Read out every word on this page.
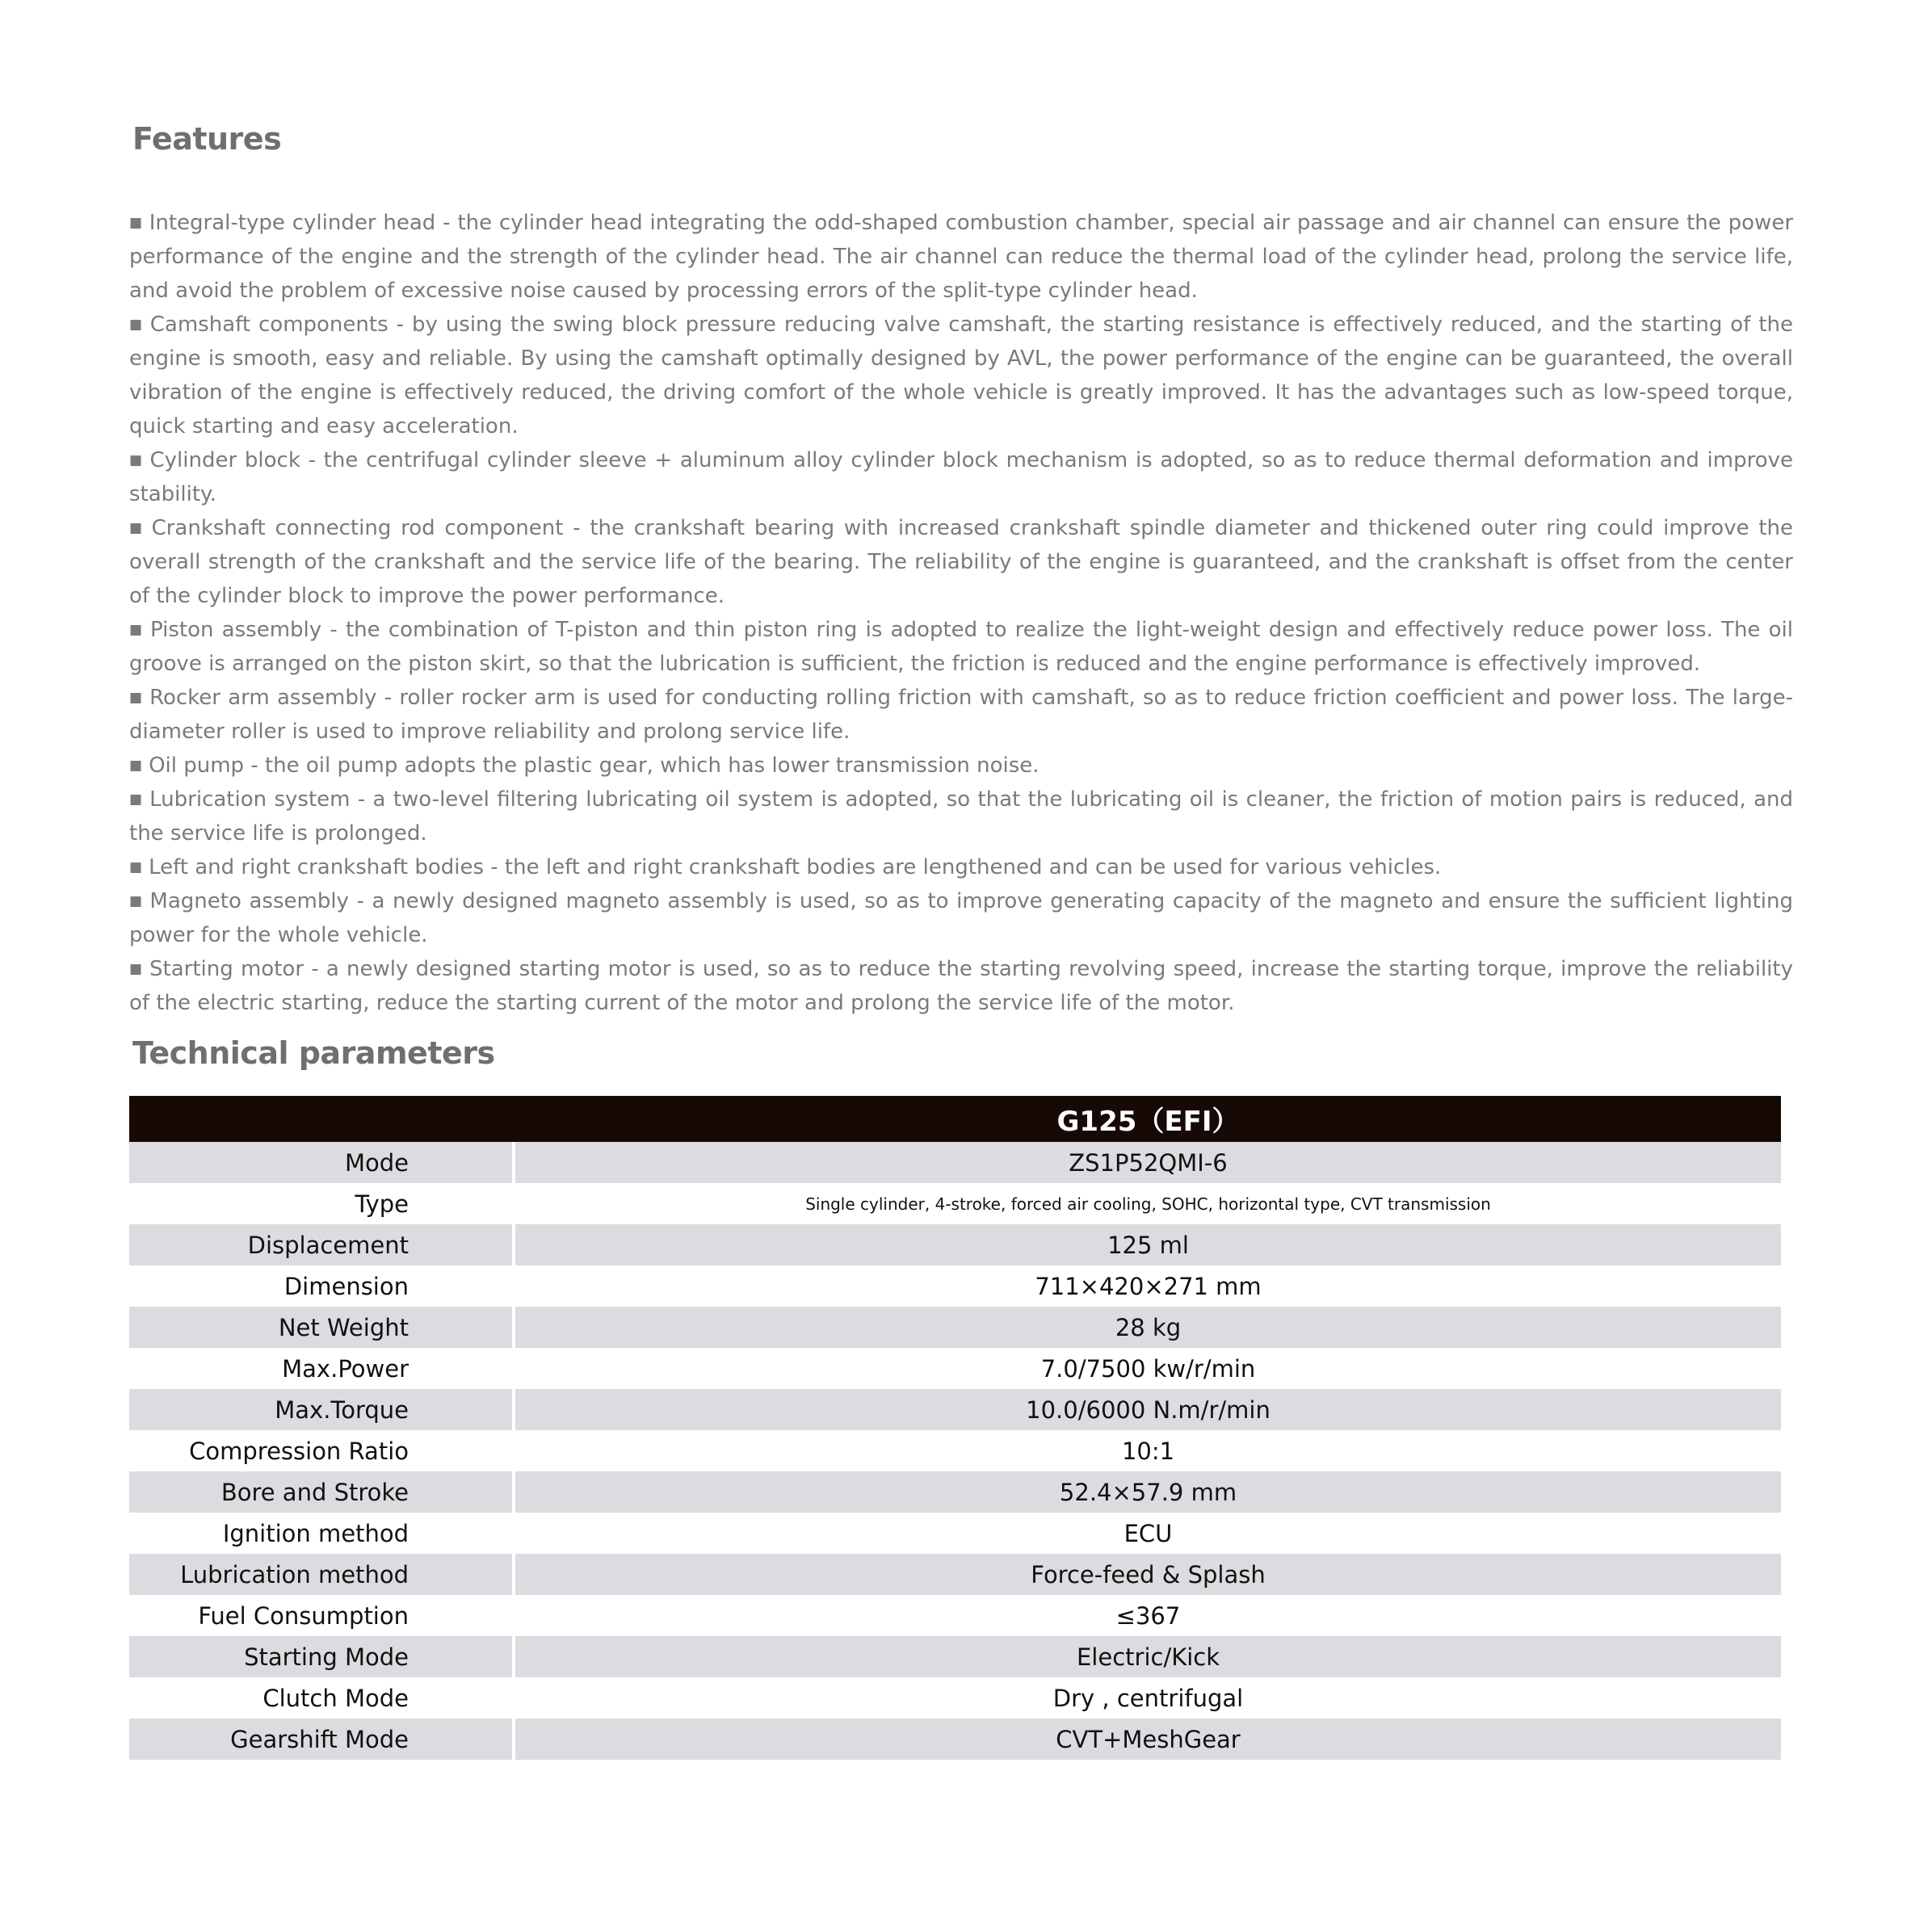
Features

■ Integral-type cylinder head - the cylinder head integrating the odd-shaped combustion chamber, special air passage and air channel can ensure the power performance of the engine and the strength of the cylinder head. The air channel can reduce the thermal load of the cylinder head, prolong the service life, and avoid the problem of excessive noise caused by processing errors of the split-type cylinder head.

■ Camshaft components - by using the swing block pressure reducing valve camshaft, the starting resistance is effectively reduced, and the starting of the engine is smooth, easy and reliable. By using the camshaft optimally designed by AVL, the power performance of the engine can be guaranteed, the overall vibration of the engine is effectively reduced, the driving comfort of the whole vehicle is greatly improved. It has the advantages such as low-speed torque, quick starting and easy acceleration.

■ Cylinder block - the centrifugal cylinder sleeve + aluminum alloy cylinder block mechanism is adopted, so as to reduce thermal deformation and improve stability.

■ Crankshaft connecting rod component - the crankshaft bearing with increased crankshaft spindle diameter and thickened outer ring could improve the overall strength of the crankshaft and the service life of the bearing. The reliability of the engine is guaranteed, and the crankshaft is offset from the center of the cylinder block to improve the power performance.

■ Piston assembly - the combination of T-piston and thin piston ring is adopted to realize the light-weight design and effectively reduce power loss. The oil groove is arranged on the piston skirt, so that the lubrication is sufficient, the friction is reduced and the engine performance is effectively improved.

■ Rocker arm assembly - roller rocker arm is used for conducting rolling friction with camshaft, so as to reduce friction coefficient and power loss. The large-diameter roller is used to improve reliability and prolong service life.

■ Oil pump - the oil pump adopts the plastic gear, which has lower transmission noise.

■ Lubrication system - a two-level filtering lubricating oil system is adopted, so that the lubricating oil is cleaner, the friction of motion pairs is reduced, and the service life is prolonged.

■ Left and right crankshaft bodies - the left and right crankshaft bodies are lengthened and can be used for various vehicles.

■ Magneto assembly - a newly designed magneto assembly is used, so as to improve generating capacity of the magneto and ensure the sufficient lighting power for the whole vehicle.

■ Starting motor - a newly designed starting motor is used, so as to reduce the starting revolving speed, increase the starting torque, improve the reliability of the electric starting, reduce the starting current of the motor and prolong the service life of the motor.

Technical parameters
G125（EFI）		

Mode		ZS1P52QMI-6
Type		Single cylinder, 4-stroke, forced air cooling, SOHC, horizontal type, CVT transmission
Displacement		125 ml
Dimension		711×420×271 mm
Net Weight		28 kg
Max.Power		7.0/7500 kw/r/min
Max.Torque		10.0/6000 N.m/r/min
Compression Ratio		10:1
Bore and Stroke		52.4×57.9 mm
Ignition method		ECU
Lubrication method		Force-feed & Splash
Fuel Consumption		≤367
Starting Mode		Electric/Kick
Clutch Mode		Dry , centrifugal
Gearshift Mode		CVT+MeshGear
